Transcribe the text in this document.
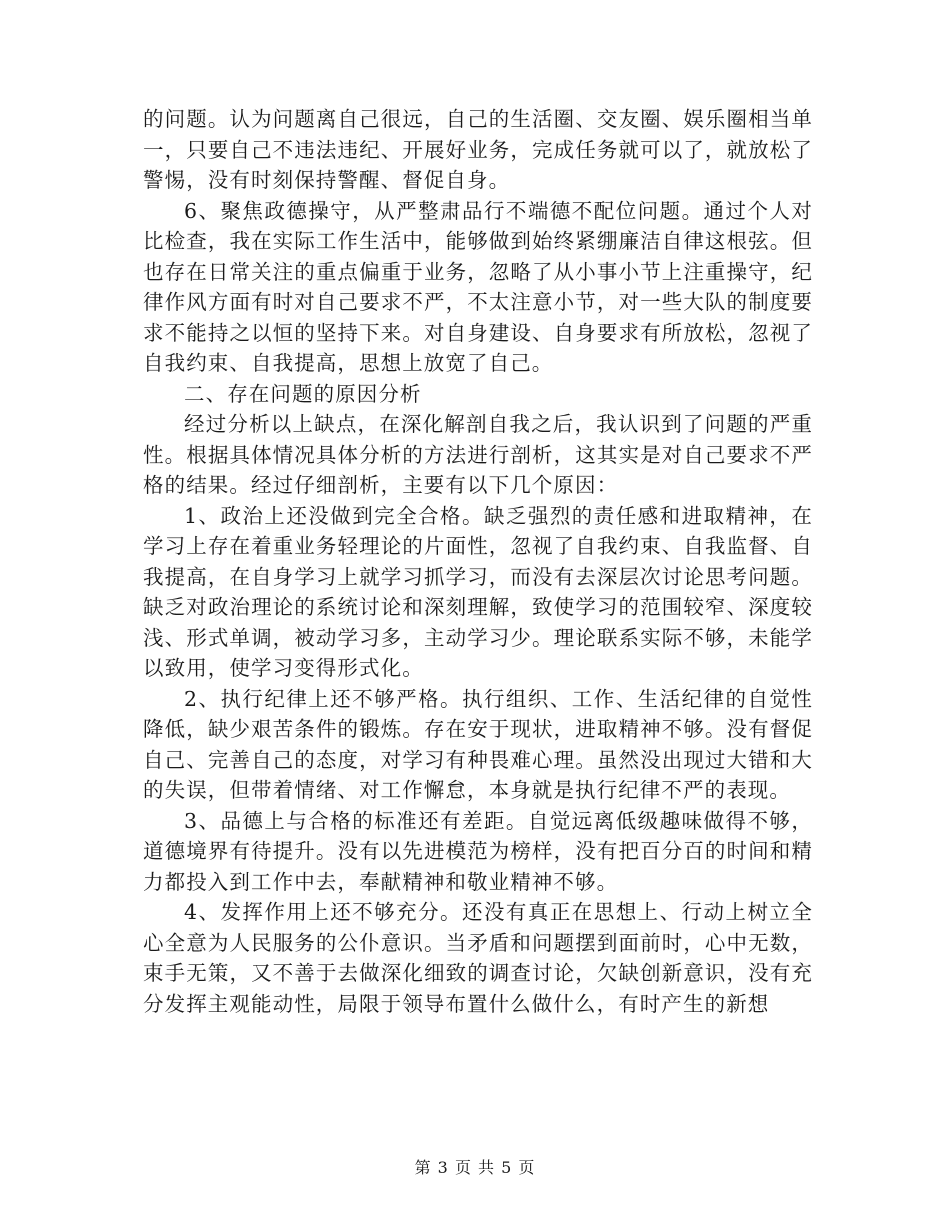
的问题。认为问题离自己很远，自己的生活圈、交友圈、娱乐圈相当单一，只要自己不违法违纪、开展好业务，完成任务就可以了，就放松了警惕，没有时刻保持警醒、督促自身。

6、聚焦政德操守，从严整肃品行不端德不配位问题。通过个人对比检查，我在实际工作生活中，能够做到始终紧绷廉洁自律这根弦。但也存在日常关注的重点偏重于业务，忽略了从小事小节上注重操守，纪律作风方面有时对自己要求不严，不太注意小节，对一些大队的制度要求不能持之以恒的坚持下来。对自身建设、自身要求有所放松，忽视了自我约束、自我提高，思想上放宽了自己。

二、存在问题的原因分析

经过分析以上缺点，在深化解剖自我之后，我认识到了问题的严重性。根据具体情况具体分析的方法进行剖析，这其实是对自己要求不严格的结果。经过仔细剖析，主要有以下几个原因：

1、政治上还没做到完全合格。缺乏强烈的责任感和进取精神，在学习上存在着重业务轻理论的片面性，忽视了自我约束、自我监督、自我提高，在自身学习上就学习抓学习，而没有去深层次讨论思考问题。缺乏对政治理论的系统讨论和深刻理解，致使学习的范围较窄、深度较浅、形式单调，被动学习多，主动学习少。理论联系实际不够，未能学以致用，使学习变得形式化。

2、执行纪律上还不够严格。执行组织、工作、生活纪律的自觉性降低，缺少艰苦条件的锻炼。存在安于现状，进取精神不够。没有督促自己、完善自己的态度，对学习有种畏难心理。虽然没出现过大错和大的失误，但带着情绪、对工作懈怠，本身就是执行纪律不严的表现。

3、品德上与合格的标准还有差距。自觉远离低级趣味做得不够，道德境界有待提升。没有以先进模范为榜样，没有把百分百的时间和精力都投入到工作中去，奉献精神和敬业精神不够。

4、发挥作用上还不够充分。还没有真正在思想上、行动上树立全心全意为人民服务的公仆意识。当矛盾和问题摆到面前时，心中无数，束手无策，又不善于去做深化细致的调查讨论，欠缺创新意识，没有充分发挥主观能动性，局限于领导布置什么做什么，有时产生的新想

第 3 页 共 5 页
